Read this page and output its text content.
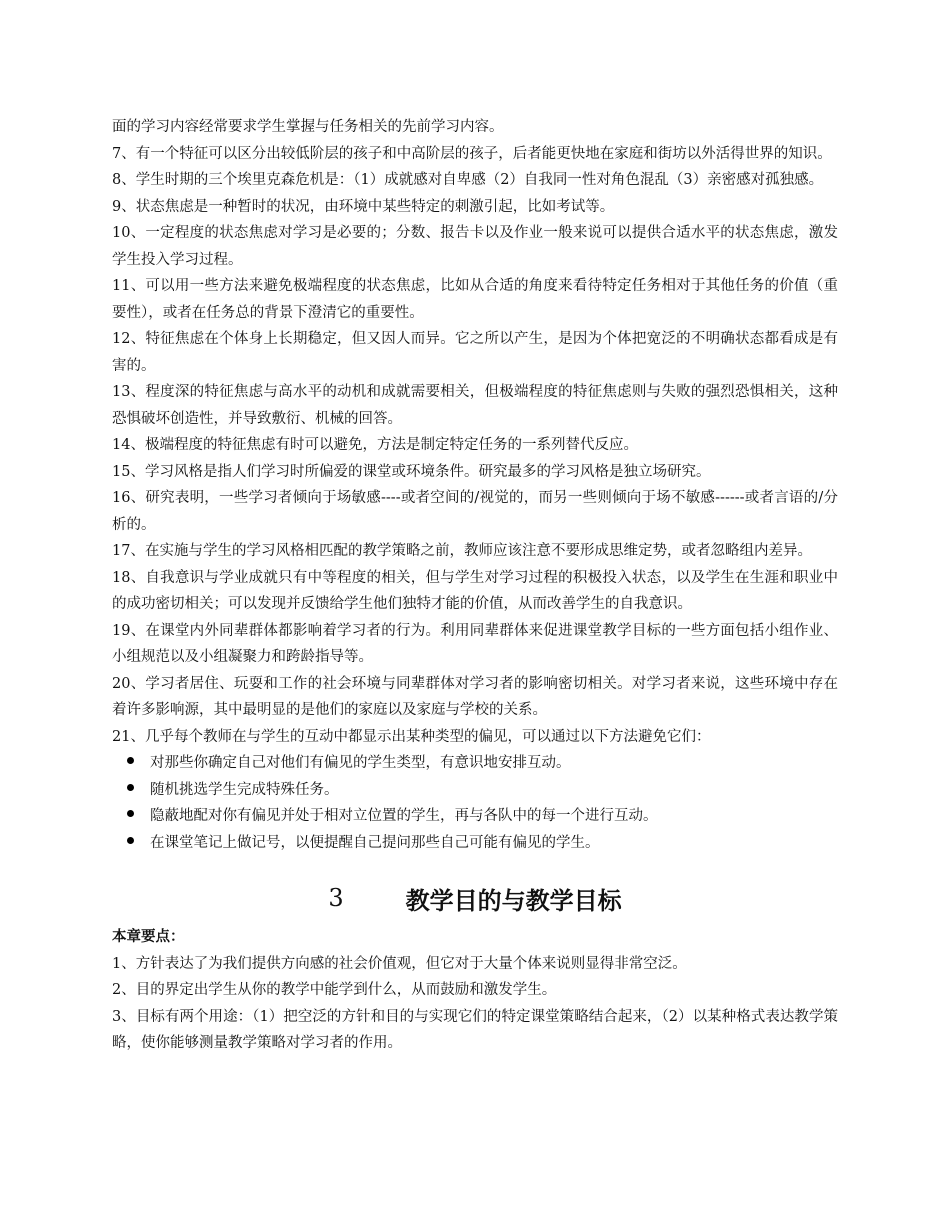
面的学习内容经常要求学生掌握与任务相关的先前学习内容。

7、有一个特征可以区分出较低阶层的孩子和中高阶层的孩子，后者能更快地在家庭和街坊以外活得世界的知识。

8、学生时期的三个埃里克森危机是：（1）成就感对自卑感（2）自我同一性对角色混乱（3）亲密感对孤独感。

9、状态焦虑是一种暂时的状况，由环境中某些特定的刺激引起，比如考试等。

10、一定程度的状态焦虑对学习是必要的；分数、报告卡以及作业一般来说可以提供合适水平的状态焦虑，激发学生投入学习过程。

11、可以用一些方法来避免极端程度的状态焦虑，比如从合适的角度来看待特定任务相对于其他任务的价值（重要性），或者在任务总的背景下澄清它的重要性。

12、特征焦虑在个体身上长期稳定，但又因人而异。它之所以产生，是因为个体把宽泛的不明确状态都看成是有害的。

13、程度深的特征焦虑与高水平的动机和成就需要相关，但极端程度的特征焦虑则与失败的强烈恐惧相关，这种恐惧破坏创造性，并导致敷衍、机械的回答。

14、极端程度的特征焦虑有时可以避免，方法是制定特定任务的一系列替代反应。

15、学习风格是指人们学习时所偏爱的课堂或环境条件。研究最多的学习风格是独立场研究。

16、研究表明，一些学习者倾向于场敏感----或者空间的/视觉的，而另一些则倾向于场不敏感------或者言语的/分析的。

17、在实施与学生的学习风格相匹配的教学策略之前，教师应该注意不要形成思维定势，或者忽略组内差异。

18、自我意识与学业成就只有中等程度的相关，但与学生对学习过程的积极投入状态，以及学生在生涯和职业中的成功密切相关；可以发现并反馈给学生他们独特才能的价值，从而改善学生的自我意识。

19、在课堂内外同辈群体都影响着学习者的行为。利用同辈群体来促进课堂教学目标的一些方面包括小组作业、小组规范以及小组凝聚力和跨龄指导等。

20、学习者居住、玩耍和工作的社会环境与同辈群体对学习者的影响密切相关。对学习者来说，这些环境中存在着许多影响源，其中最明显的是他们的家庭以及家庭与学校的关系。

21、几乎每个教师在与学生的互动中都显示出某种类型的偏见，可以通过以下方法避免它们：

对那些你确定自己对他们有偏见的学生类型，有意识地安排互动。
随机挑选学生完成特殊任务。
隐蔽地配对你有偏见并处于相对立位置的学生，再与各队中的每一个进行互动。
在课堂笔记上做记号，以便提醒自己提问那些自己可能有偏见的学生。
3	教学目的与教学目标

本章要点：

1、方针表达了为我们提供方向感的社会价值观，但它对于大量个体来说则显得非常空泛。

2、目的界定出学生从你的教学中能学到什么，从而鼓励和激发学生。

3、目标有两个用途：（1）把空泛的方针和目的与实现它们的特定课堂策略结合起来，（2）以某种格式表达教学策略，使你能够测量教学策略对学习者的作用。
